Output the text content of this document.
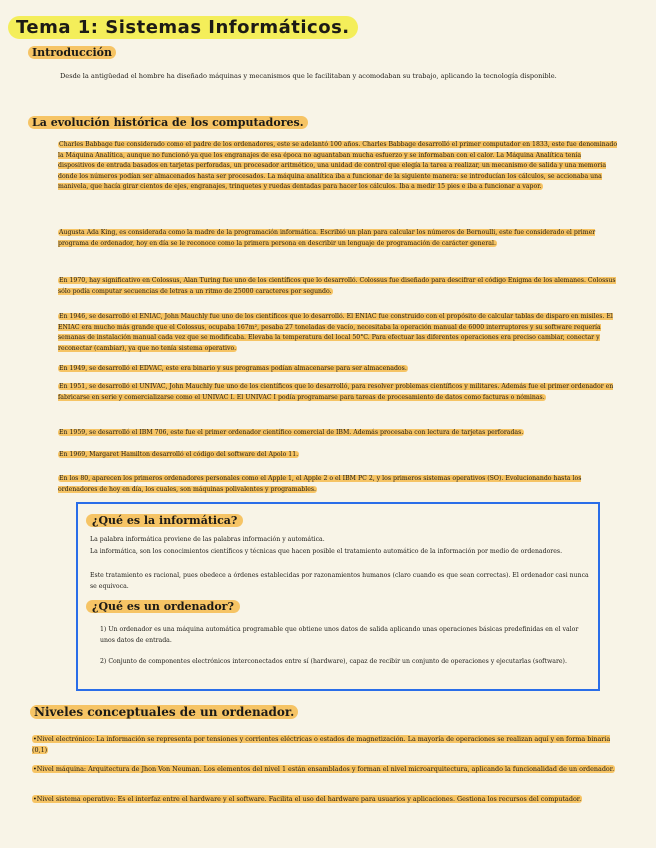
Tema 1: Sistemas Informáticos.
Introducción
Desde la antigüedad el hombre ha diseñado máquinas y mecanismos que le facilitaban y acomodaban su trabajo, aplicando la tecnología disponible.
La evolución histórica de los computadores.
Charles Babbage fue considerado como el padre de los ordenadores, este se adelantó 100 años. Charles Babbage desarrolló el primer computador en 1833, este fue denominado la Máquina Analítica, aunque no funcionó ya que los engranajes de esa época no aguantaban mucha esfuerzo y se informaban con el calor. La Máquina Analítica tenía dispositivos de entrada basados en tarjetas perforadas, un procesador aritmético, una unidad de control que elegía la tarea a realizar, un mecanismo de salida y una memoria donde los números podían ser almacenados hasta ser procesados. La máquina analítica iba a funcionar de la siguiente manera: se introducían los cálculos, se accionaba una manivela, que hacía girar cientos de ejes, engranajes, trinquetes y ruedas dentadas para hacer los cálculos. Iba a medir 15 pies e iba a funcionar a vapor.
Augusta Ada King, es considerada como la madre de la programación informática. Escribió un plan para calcular los números de Bernoulli, este fue considerado el primer programa de ordenador, hoy en día se le reconoce como la primera persona en describir un lenguaje de programación de carácter general.
En 1970, hay significativo en Colossus, Alan Turing fue uno de los científicos que lo desarrolló. Colossus fue diseñado para descifrar el código Enigma de los alemanes. Colossus sólo podía computar secuencias de letras a un ritmo de 25000 caracteres por segundo.
En 1946, se desarrolló el ENIAC, John Mauchly fue uno de los científicos que lo desarrolló. El ENIAC fue construido con el propósito de calcular tablas de disparo en misiles. El ENIAC era mucho más grande que el Colossus, ocupaba 167m², pesaba 27 toneladas de vacío, necesitaba la operación manual de 6000 interruptores y su software requería semanas de instalación manual cada vez que se modificaba. Elevaba la temperatura del local 50°C. Para efectuar las diferentes operaciones era preciso cambiar, conectar y reconectar (cambiar), ya que no tenía sistema operativo.
En 1949, se desarrolló el EDVAC, este era binario y sus programas podían almacenarse para ser almacenados.
En 1951, se desarrolló el UNIVAC, John Mauchly fue uno de los científicos que lo desarrolló, para resolver problemas científicos y militares. Además fue el primer ordenador en fabricarse en serie y comercializarse como el UNIVAC I. El UNIVAC I podía programarse para tareas de procesamiento de datos como facturas o nóminas.
En 1959, se desarrolló el IBM 706, este fue el primer ordenador científico comercial de IBM. Además procesaba con lectura de tarjetas perforadas.
En 1969, Margaret Hamilton desarrolló el código del software del Apolo 11.
En los 80, aparecen los primeros ordenadores personales como el Apple 1, el Apple 2 o el IBM PC 2, y los primeros sistemas operativos (SO). Evolucionando hasta los ordenadores de hoy en día, los cuales, son máquinas polivalentes y programables.
¿Qué es la informática?
La palabra informática proviene de las palabras información y automática.
La informática, son los conocimientos científicos y técnicas que hacen posible el tratamiento automático de la información por medio de ordenadores.
Este tratamiento es racional, pues obedece a órdenes establecidas por razonamientos humanos (claro cuando es que sean correctas). El ordenador casi nunca se equivoca.
¿Qué es un ordenador?
1) Un ordenador es una máquina automática programable que obtiene unos datos de salida aplicando unas operaciones básicas predefinidas en el valor unos datos de entrada.
2) Conjunto de componentes electrónicos interconectados entre sí (hardware), capaz de recibir un conjunto de operaciones y ejecutarlas (software).
Niveles conceptuales de un ordenador.
•Nivel electrónico: La información se representa por tensiones y corrientes eléctricas o estados de magnetización. La mayoría de operaciones se realizan aquí y en forma binaria (0,1)
•Nivel máquina: Arquitectura de Jhon Von Neuman. Los elementos del nivel 1 están ensamblados y forman el nivel microarquitectura, aplicando la funcionalidad de un ordenador.
•Nivel sistema operativo: Es el interfaz entre el hardware y el software. Facilita el uso del hardware para usuarios y aplicaciones. Gestiona los recursos del computador.
